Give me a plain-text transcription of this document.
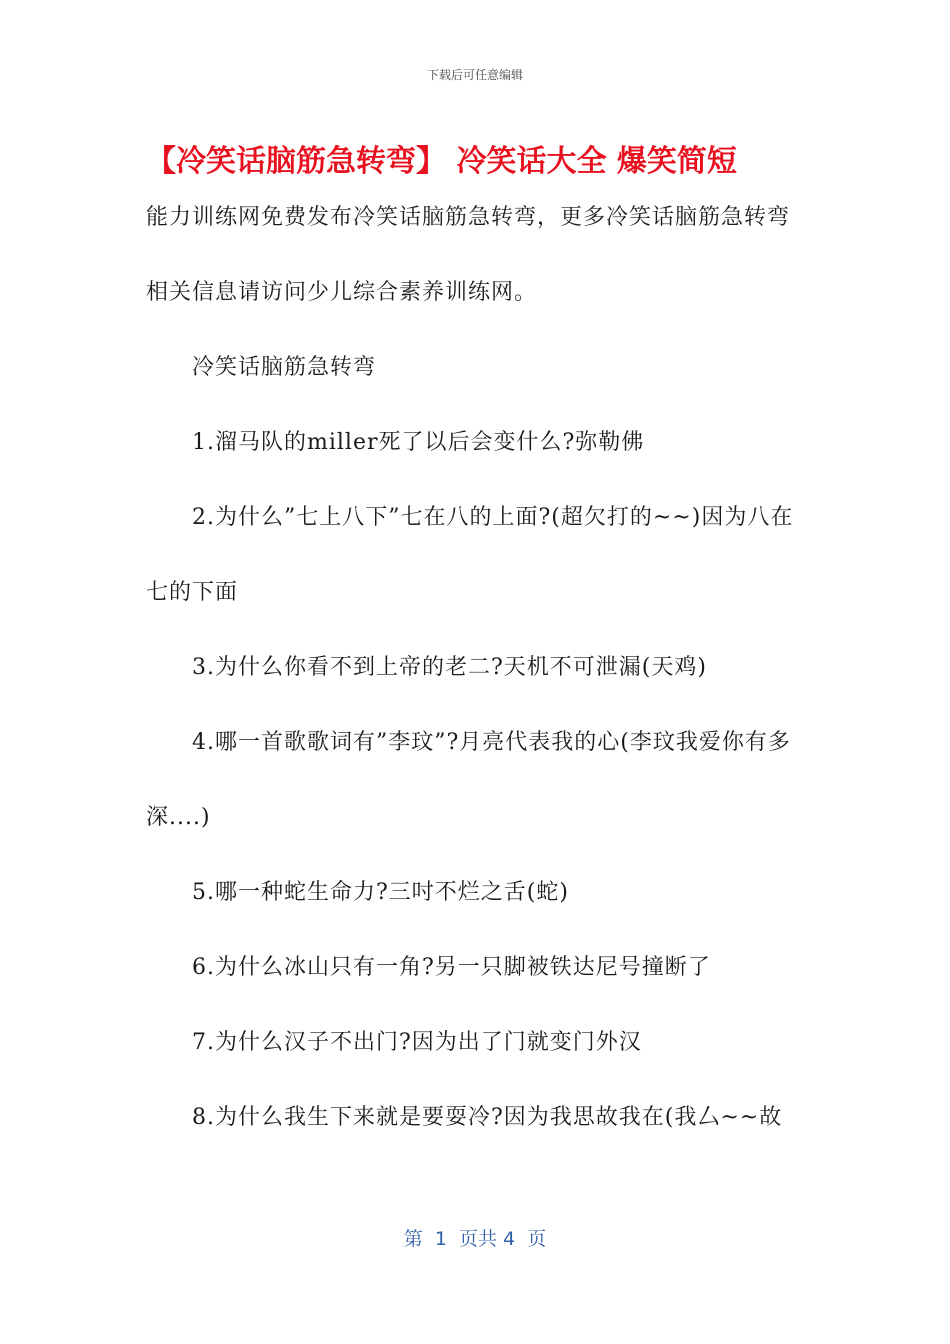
下载后可任意编辑
【冷笑话脑筋急转弯】 冷笑话大全 爆笑简短

能力训练网免费发布冷笑话脑筋急转弯，更多冷笑话脑筋急转弯相关信息请访问少儿综合素养训练网。

冷笑话脑筋急转弯

1.溜马队的miller死了以后会变什么?弥勒佛

2.为什么”七上八下”七在八的上面?(超欠打的~~)因为八在七的下面

3.为什么你看不到上帝的老二?天机不可泄漏(天鸡)

4.哪一首歌歌词有”李玟”?月亮代表我的心(李玟我爱你有多深....)

5.哪一种蛇生命力?三吋不烂之舌(蛇)

6.为什么冰山只有一角?另一只脚被铁达尼号撞断了

7.为什么汉子不出门?因为出了门就变门外汉

8.为什么我生下来就是要耍冷?因为我思故我在(我厶~~故

第  1  页共 4  页
